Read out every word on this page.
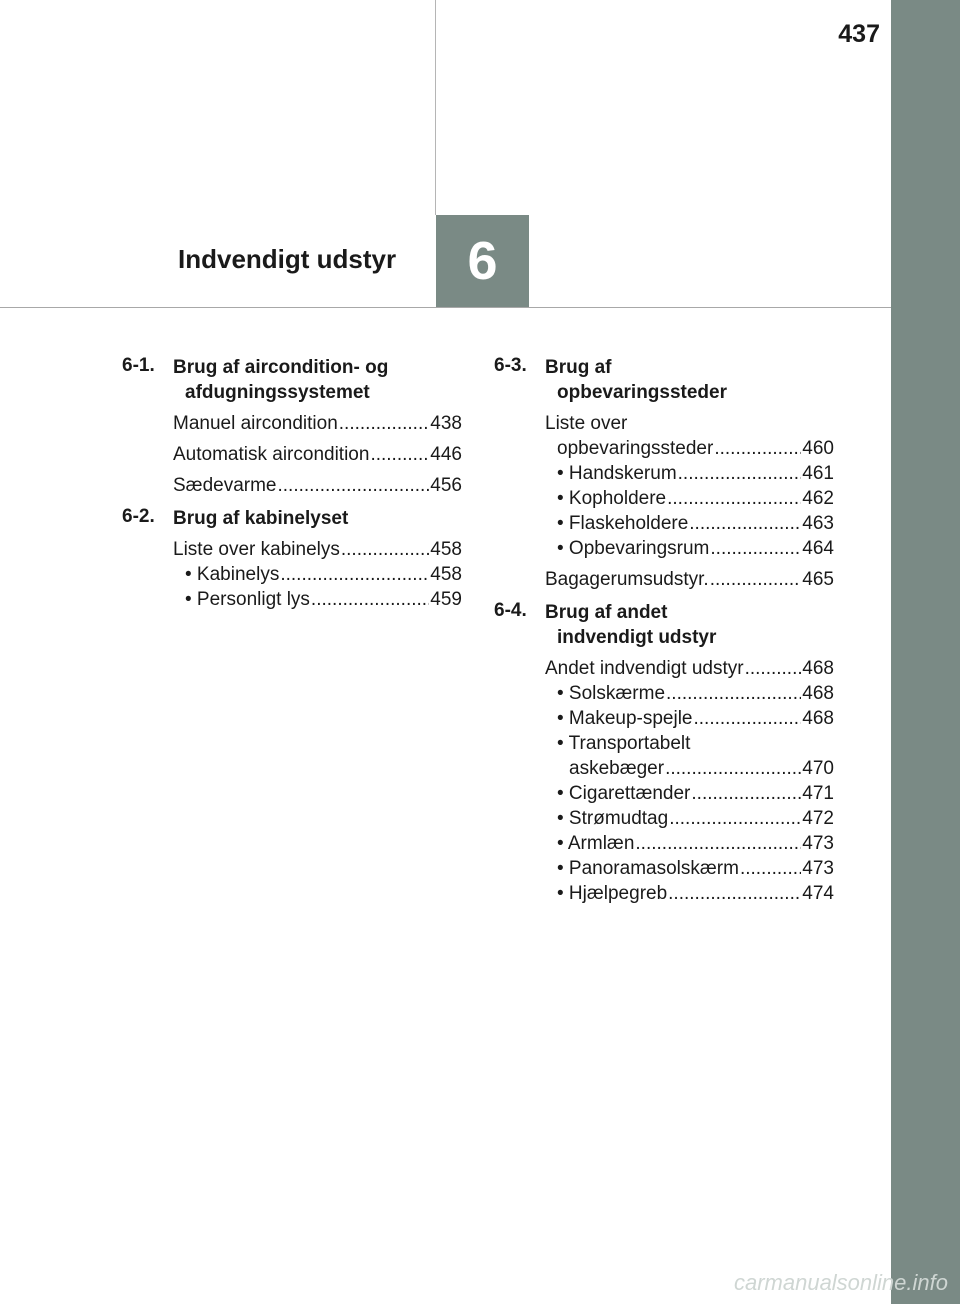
437
Indvendigt udstyr	6
6-1. Brug af aircondition- og
afdugningssystemet
Manuel aircondition .....	438
Automatisk aircondition .....	446
Sædevarme .....	456
6-2. Brug af kabinelyset
Liste over kabinelys .....	458
• Kabinelys .....	458
• Personligt lys .....	459
6-3. Brug af
opbevaringssteder
Liste over
opbevaringssteder .....	460
• Handskerum .....	461
• Kopholdere .....	462
• Flaskeholdere .....	463
• Opbevaringsrum .....	464
Bagagerumsudstyr. .....	465
6-4. Brug af andet
indvendigt udstyr
Andet indvendigt udstyr .....	468
• Solskærme .....	468
• Makeup-spejle .....	468
• Transportabelt
askebæger .....	470
• Cigarettænder .....	471
• Strømudtag .....	472
• Armlæn .....	473
• Panoramasolskærm .....	473
• Hjælpegreb .....	474
carmanualsonline.info
